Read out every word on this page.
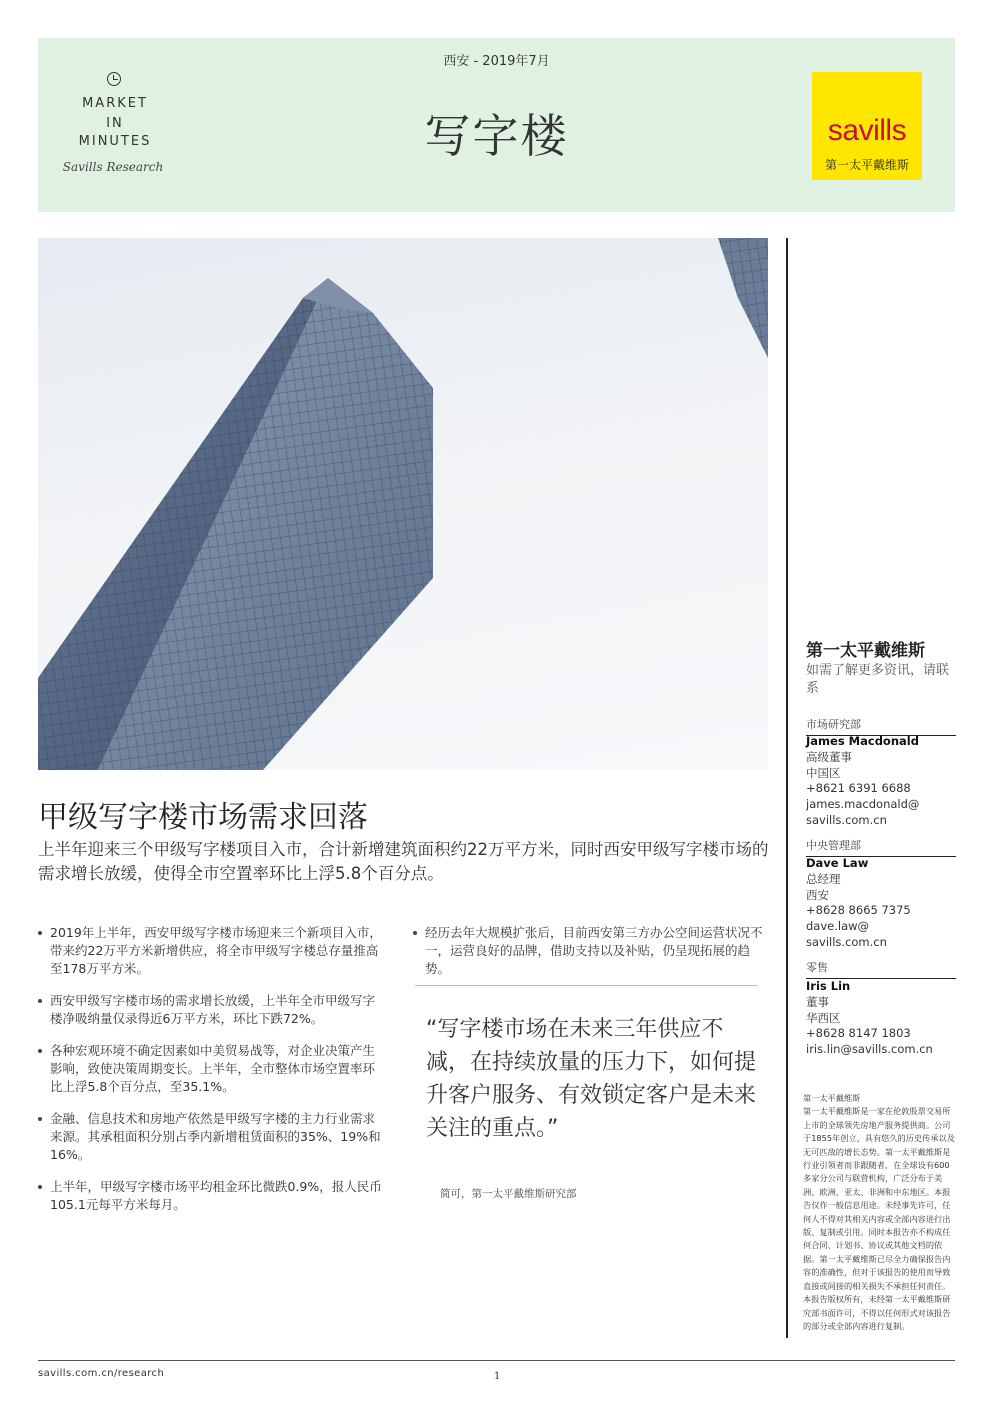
MARKET
IN
MINUTES
Savills Research
西安 - 2019年7月
写字楼	savills
第一太平戴维斯
第一太平戴维斯
如需了解更多资讯，请联系
市场研究部
James Macdonald
高级董事
中国区
+8621 6391 6688
james.macdonald@
savills.com.cn
中央管理部
Dave Law
总经理
西安
+8628 8665 7375
dave.law@
savills.com.cn
零售
Iris Lin
董事
华西区
+8628 8147 1803
iris.lin@savills.com.cn
第一太平戴维斯
第一太平戴维斯是一家在伦敦股票交易所上市的全球领先房地产服务提供商。公司于1855年创立，具有悠久的历史传承以及无可匹敌的增长态势。第一太平戴维斯是行业引领者而非跟随者，在全球设有600多家分公司与联营机构，广泛分布于美洲、欧洲、亚太、非洲和中东地区。本报告仅作一般信息用途。未经事先许可，任何人不得对其相关内容或全部内容进行出版、复制或引用。同时本报告亦不构成任何合同、计划书、协议或其他文档的依据。第一太平戴维斯已尽全力确保报告内容的准确性，但对于该报告的使用而导致直接或间接的相关损失不承担任何责任。本报告版权所有，未经第一太平戴维斯研究部书面许可，不得以任何形式对该报告的部分或全部内容进行复制。
甲级写字楼市场需求回落

上半年迎来三个甲级写字楼项目入市，合计新增建筑面积约22万平方米，同时西安甲级写字楼市场的需求增长放缓，使得全市空置率环比上浮5.8个百分点。

2019年上半年，西安甲级写字楼市场迎来三个新项目入市，带来约22万平方米新增供应，将全市甲级写字楼总存量推高至178万平方米。
西安甲级写字楼市场的需求增长放缓，上半年全市甲级写字楼净吸纳量仅录得近6万平方米，环比下跌72%。
各种宏观环境不确定因素如中美贸易战等，对企业决策产生影响，致使决策周期变长。上半年，全市整体市场空置率环比上浮5.8个百分点，至35.1%。
金融、信息技术和房地产依然是甲级写字楼的主力行业需求来源。其承租面积分别占季内新增租赁面积的35%、19%和16%。
上半年，甲级写字楼市场平均租金环比微跌0.9%，报人民币105.1元每平方米每月。
经历去年大规模扩张后，目前西安第三方办公空间运营状况不一，运营良好的品牌，借助支持以及补贴，仍呈现拓展的趋势。
“写字楼市场在未来三年供应不减，在持续放量的压力下，如何提升客户服务、有效锁定客户是未来关注的重点。”
简可，第一太平戴维斯研究部
savills.com.cn/research	1
